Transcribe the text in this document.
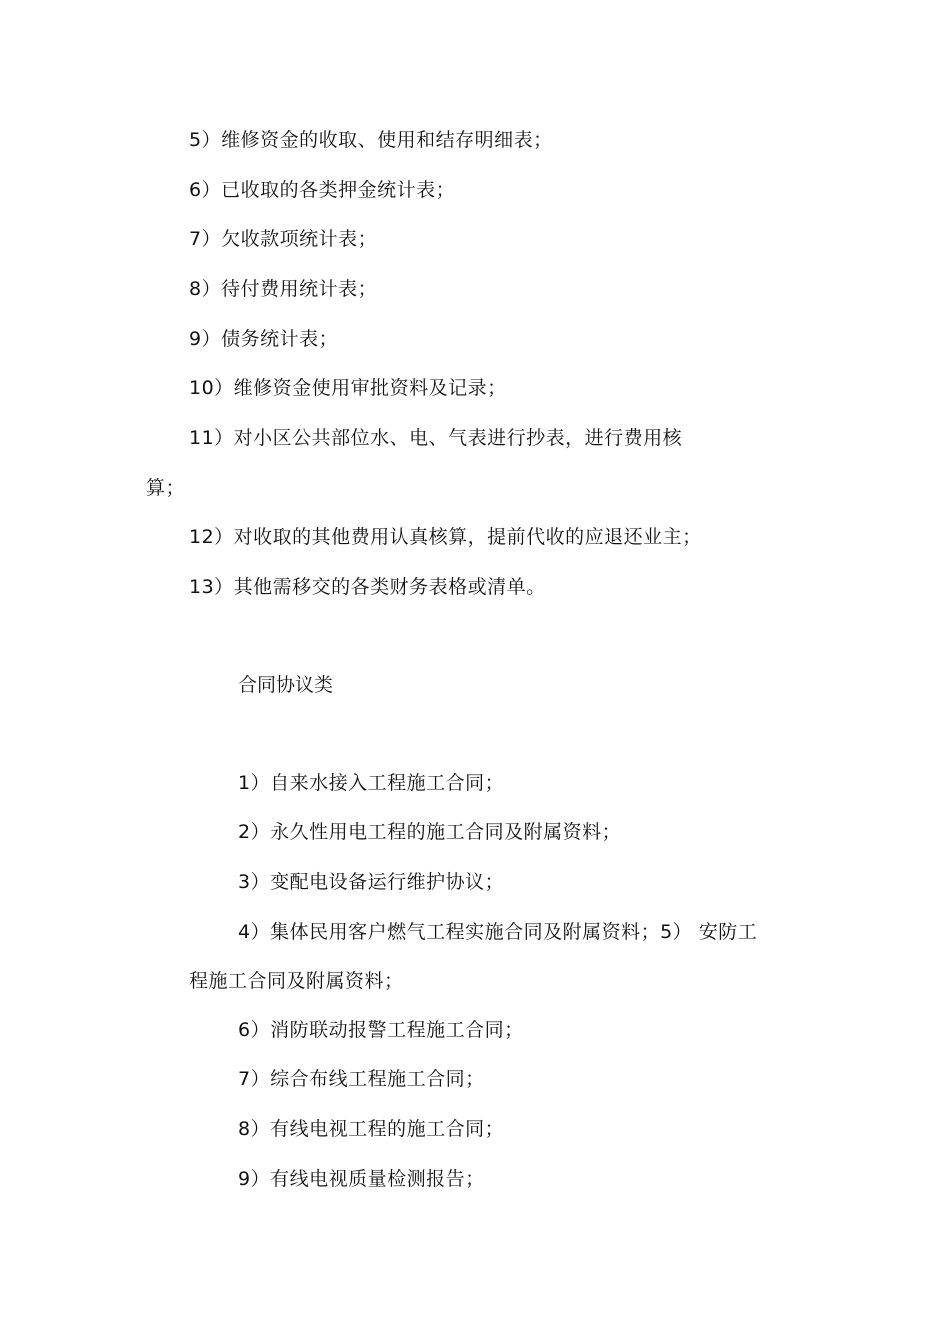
5）维修资金的收取、使用和结存明细表；
6）已收取的各类押金统计表；
7）欠收款项统计表；
8）待付费用统计表；
9）债务统计表；
10）维修资金使用审批资料及记录；
11）对小区公共部位水、电、气表进行抄表，进行费用核
算；
12）对收取的其他费用认真核算，提前代收的应退还业主；
13）其他需移交的各类财务表格或清单。
合同协议类
1）自来水接入工程施工合同；
2）永久性用电工程的施工合同及附属资料；
3）变配电设备运行维护协议；
4）集体民用客户燃气工程实施合同及附属资料；5） 安防工
程施工合同及附属资料；
6）消防联动报警工程施工合同；
7）综合布线工程施工合同；
8）有线电视工程的施工合同；
9）有线电视质量检测报告；
